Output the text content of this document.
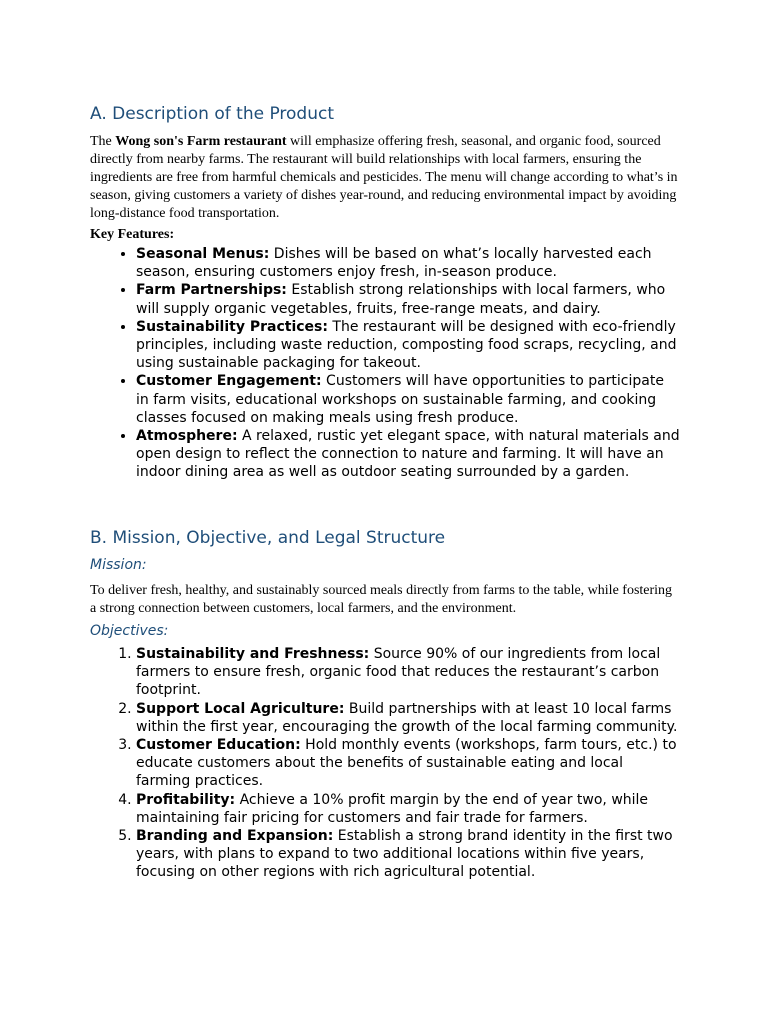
A. Description of the Product

The Wong son's Farm restaurant will emphasize offering fresh, seasonal, and organic food, sourced directly from nearby farms. The restaurant will build relationships with local farmers, ensuring the ingredients are free from harmful chemicals and pesticides. The menu will change according to what’s in season, giving customers a variety of dishes year-round, and reducing environmental impact by avoiding long-distance food transportation.

Key Features:

• Seasonal Menus: Dishes will be based on what’s locally harvested each season, ensuring customers enjoy fresh, in-season produce.
• Farm Partnerships: Establish strong relationships with local farmers, who will supply organic vegetables, fruits, free-range meats, and dairy.
• Sustainability Practices: The restaurant will be designed with eco-friendly principles, including waste reduction, composting food scraps, recycling, and using sustainable packaging for takeout.
• Customer Engagement: Customers will have opportunities to participate in farm visits, educational workshops on sustainable farming, and cooking classes focused on making meals using fresh produce.
• Atmosphere: A relaxed, rustic yet elegant space, with natural materials and open design to reflect the connection to nature and farming. It will have an indoor dining area as well as outdoor seating surrounded by a garden.
B. Mission, Objective, and Legal Structure
Mission:

To deliver fresh, healthy, and sustainably sourced meals directly from farms to the table, while fostering a strong connection between customers, local farmers, and the environment.

Objectives:
1. Sustainability and Freshness: Source 90% of our ingredients from local farmers to ensure fresh, organic food that reduces the restaurant’s carbon footprint.
2. Support Local Agriculture: Build partnerships with at least 10 local farms within the first year, encouraging the growth of the local farming community.
3. Customer Education: Hold monthly events (workshops, farm tours, etc.) to educate customers about the benefits of sustainable eating and local farming practices.
4. Profitability: Achieve a 10% profit margin by the end of year two, while maintaining fair pricing for customers and fair trade for farmers.
5. Branding and Expansion: Establish a strong brand identity in the first two years, with plans to expand to two additional locations within five years, focusing on other regions with rich agricultural potential.
